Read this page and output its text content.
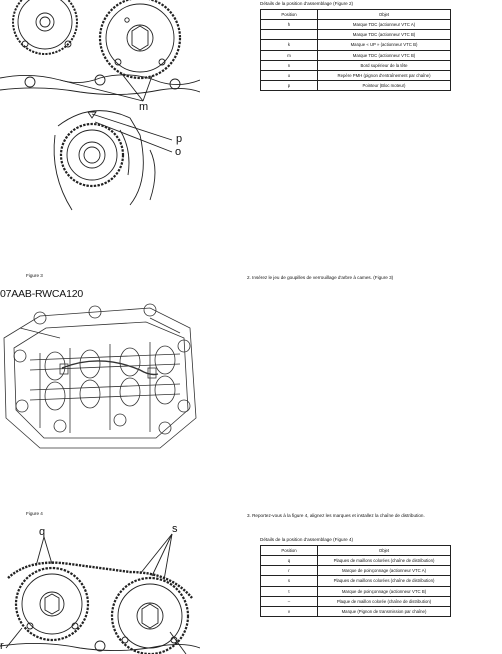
m
p
o
Détails de la position d'assemblage (Figure 2)
Position	Objet
h	Marque TDC (actionneur VTC A)
	Marque TDC (actionneur VTC B)
k	Marque « UP » (actionneur VTC B)
m	Marque TDC (actionneur VTC B)
n	Bord supérieur de la tête
o	Repère PMH (pignon d'entraînement par chaîne)
p	Pointeur (Bloc moteur)
Figure 3	2. Insérez le jeu de goupilles de verrouillage d'arbre à cames. (Figure 3)
07AAB-RWCA120
Figure 4	3. Reportez-vous à la figure 4, alignez les marques et installez la chaîne de distribution.
q	s
r
Détails de la position d'assemblage (Figure 4)
Position	Objet
q	Plaques de maillons colorées (chaîne de distribution)
r	Marque de poinçonnage (actionneur VTC A)
s	Plaques de maillons colorées (chaîne de distribution)
t	Marque de poinçonnage (actionneur VTC B)
–	Plaque de maillon colorée (chaîne de distribution)
v	Marque (Pignon de transmission par chaîne)
